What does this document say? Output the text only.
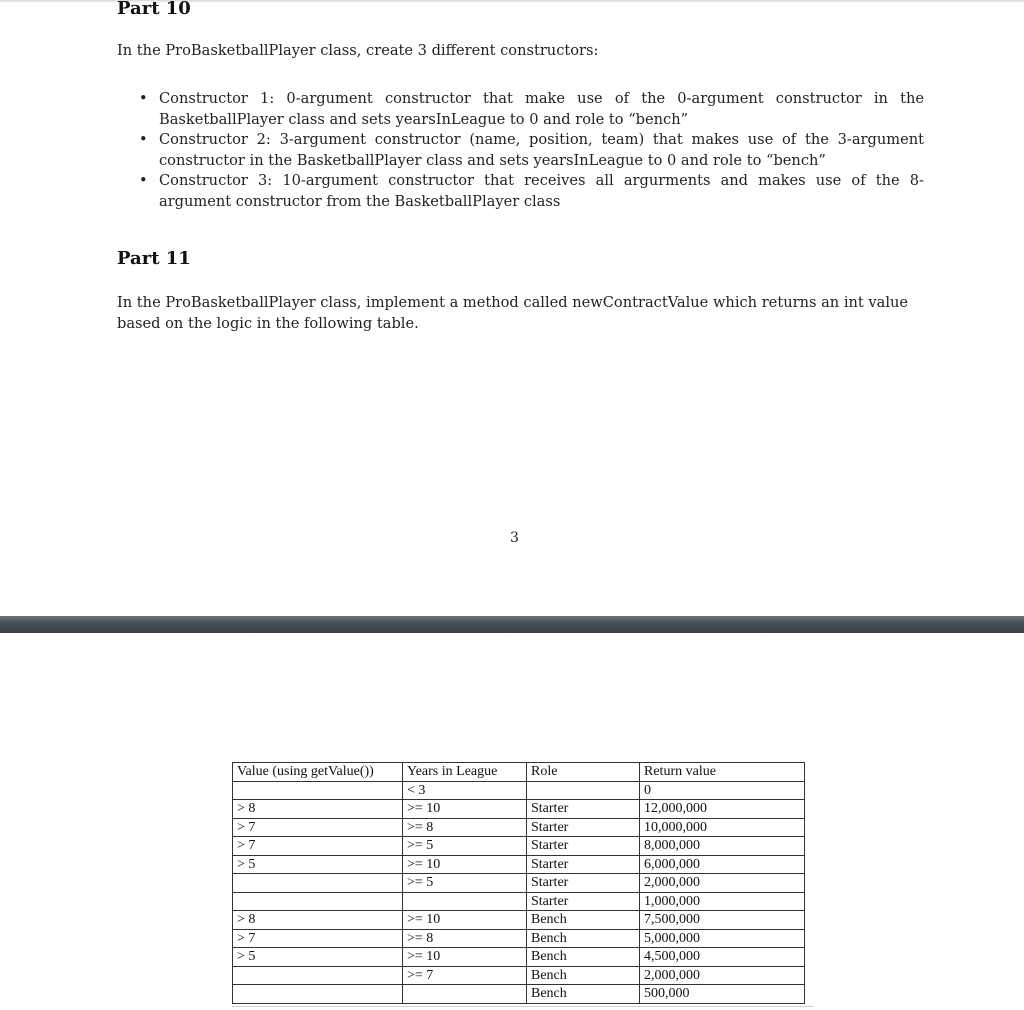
Part 10

In the ProBasketballPlayer class, create 3 different constructors:

• Constructor 1: 0-argument constructor that make use of the 0-argument constructor in the BasketballPlayer class and sets yearsInLeague to 0 and role to “bench”
• Constructor 2: 3-argument constructor (name, position, team) that makes use of the 3-argument constructor in the BasketballPlayer class and sets yearsInLeague to 0 and role to “bench”
• Constructor 3: 10-argument constructor that receives all argurments and makes use of the 8-argument constructor from the BasketballPlayer class
Part 11

In the ProBasketballPlayer class, implement a method called newContractValue which returns an int value based on the logic in the following table.

3
Value (using getValue())	Years in League	Role	Return value
	< 3		0
> 8	>= 10	Starter	12,000,000
> 7	>= 8	Starter	10,000,000
> 7	>= 5	Starter	8,000,000
> 5	>= 10	Starter	6,000,000
	>= 5	Starter	2,000,000
		Starter	1,000,000
> 8	>= 10	Bench	7,500,000
> 7	>= 8	Bench	5,000,000
> 5	>= 10	Bench	4,500,000
	>= 7	Bench	2,000,000
		Bench	500,000
